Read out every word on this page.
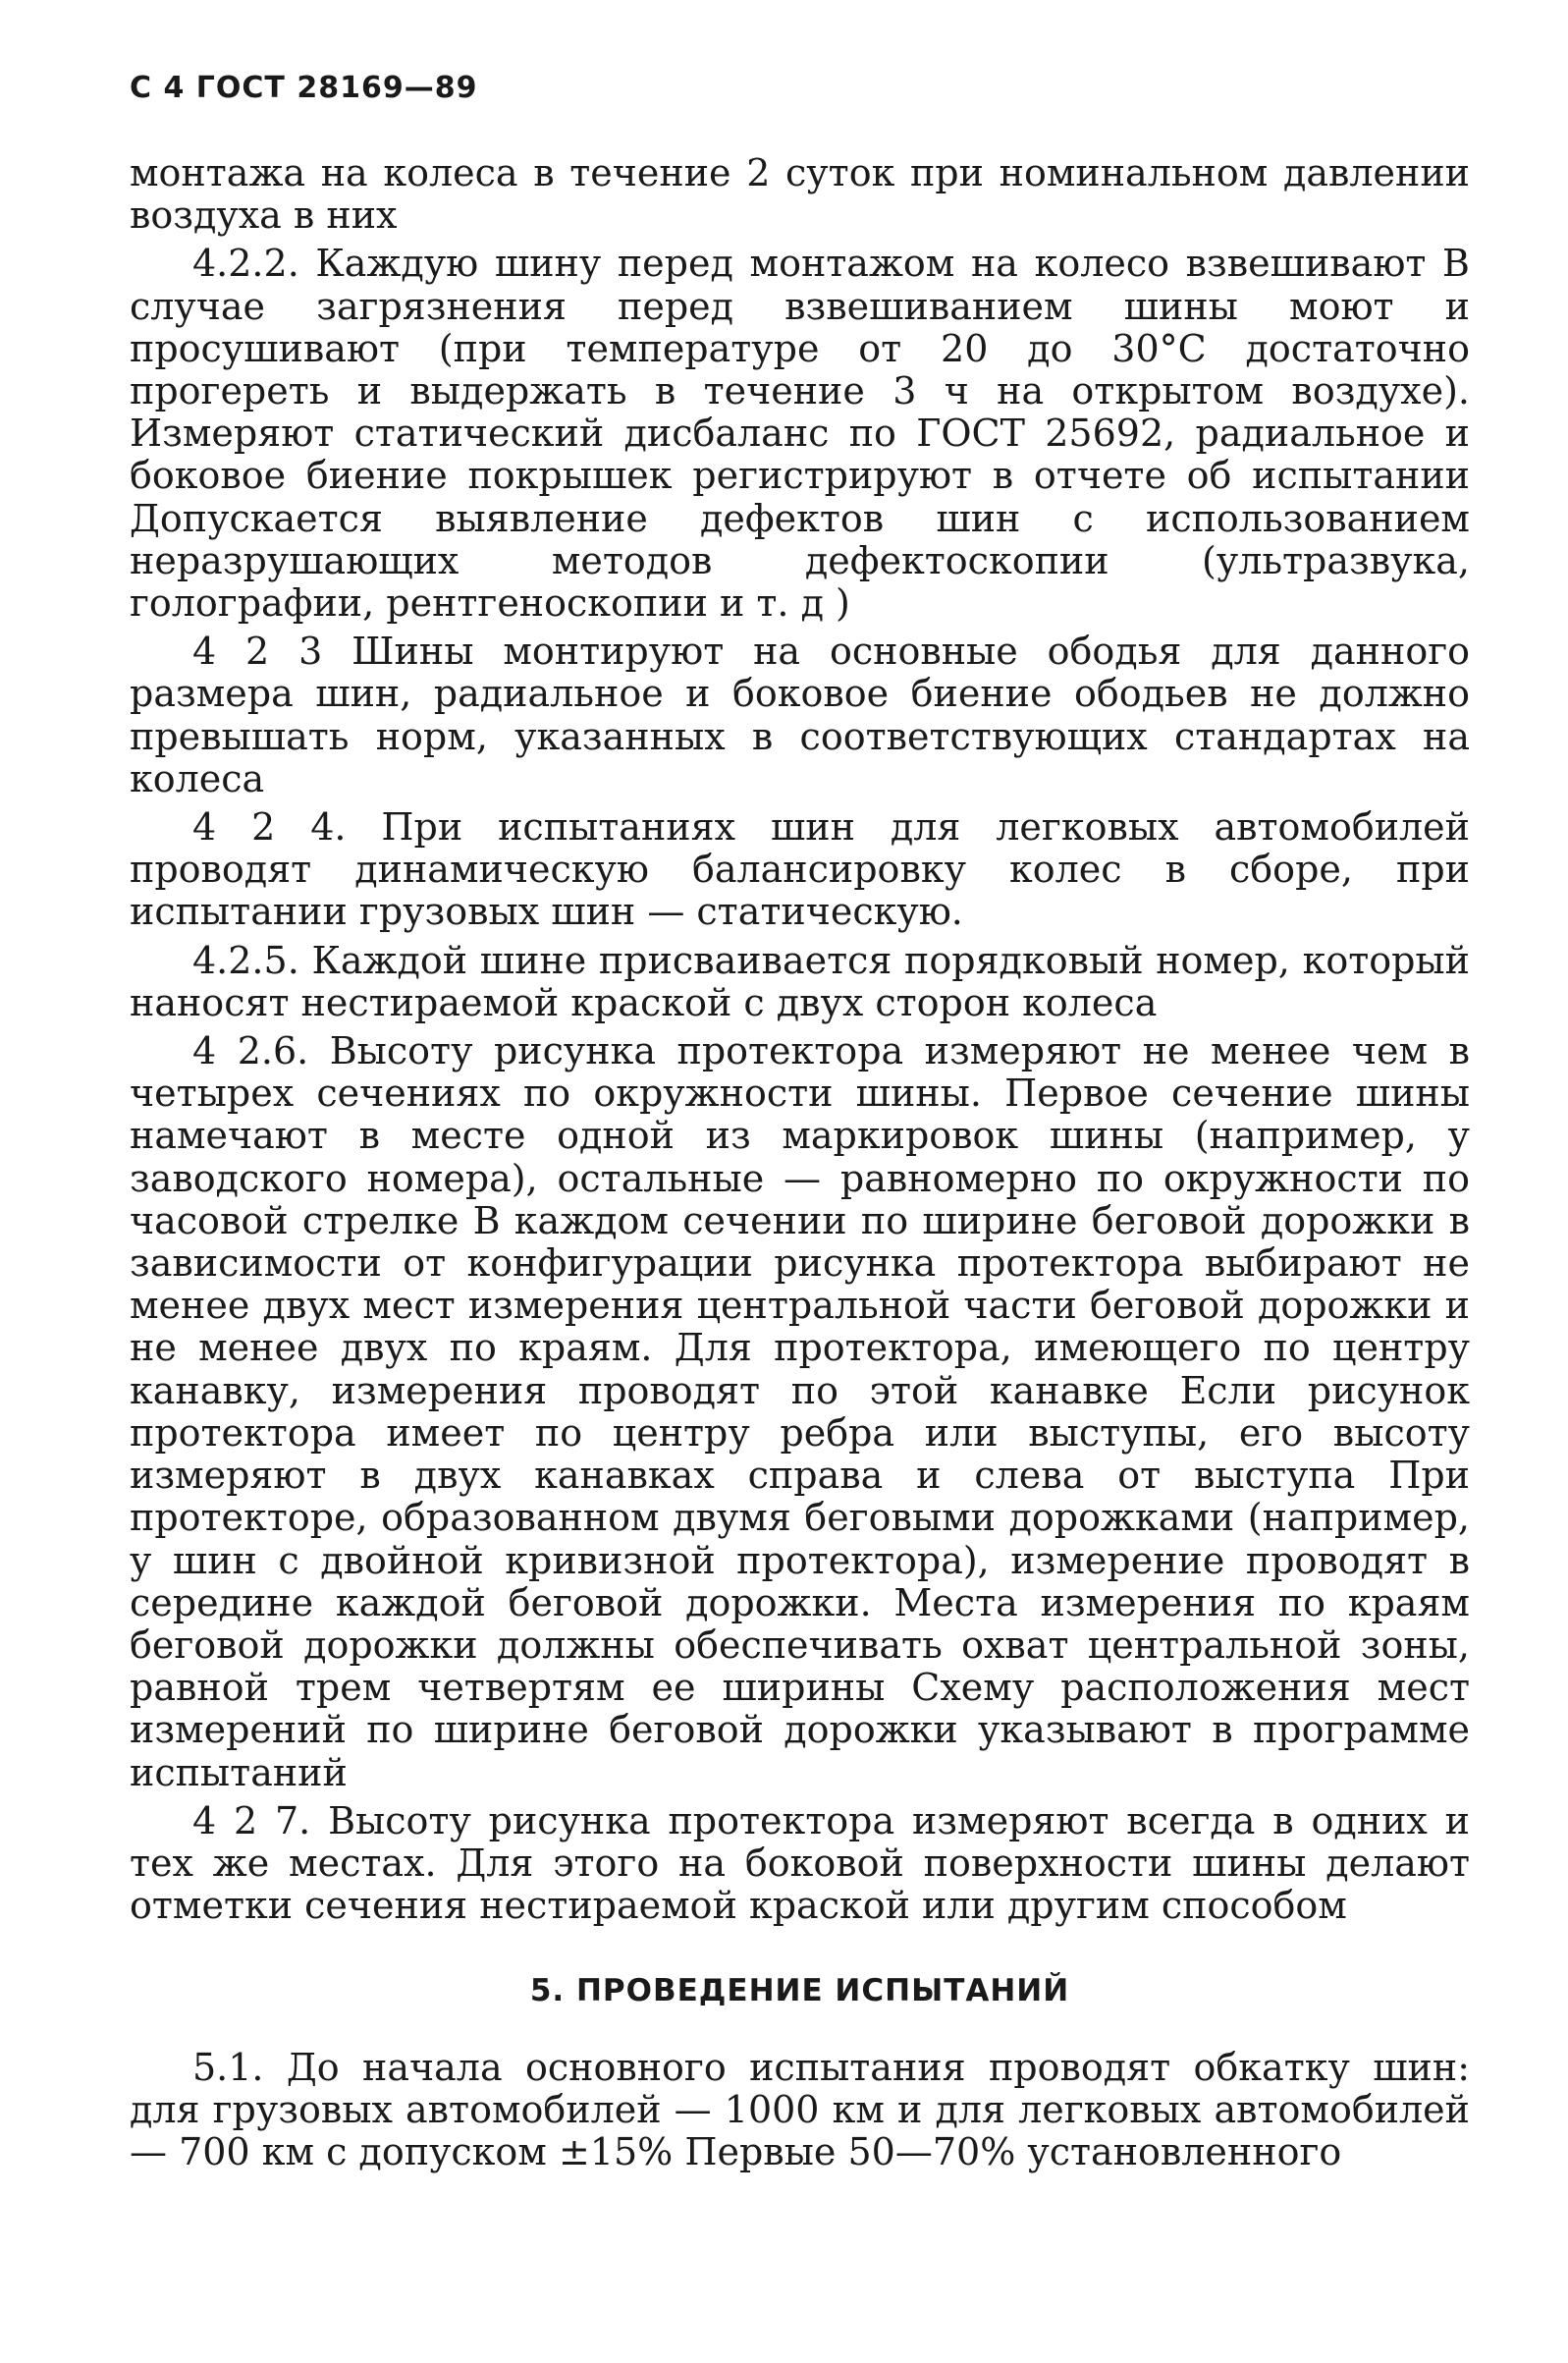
С 4 ГОСТ 28169—89

монтажа на колеса в течение 2 суток при номинальном давлении воздуха в них

4.2.2. Каждую шину перед монтажом на колесо взвешивают В случае загрязнения перед взвешиванием шины моют и просушивают (при температуре от 20 до 30°С достаточно прогереть и выдержать в течение 3 ч на открытом воздухе). Измеряют статический дисбаланс по ГОСТ 25692, радиальное и боковое биение покрышек регистрируют в отчете об испытании Допускается выявление дефектов шин с использованием неразрушающих методов дефектоскопии (ультразвука, голографии, рентгеноскопии и т. д )

4 2 3 Шины монтируют на основные ободья для данного размера шин, радиальное и боковое биение ободьев не должно превышать норм, указанных в соответствующих стандартах на колеса

4 2 4. При испытаниях шин для легковых автомобилей проводят динамическую балансировку колес в сборе, при испытании грузовых шин — статическую.

4.2.5. Каждой шине присваивается порядковый номер, который наносят нестираемой краской с двух сторон колеса

4 2.6. Высоту рисунка протектора измеряют не менее чем в четырех сечениях по окружности шины. Первое сечение шины намечают в месте одной из маркировок шины (например, у заводского номера), остальные — равномерно по окружности по часовой стрелке В каждом сечении по ширине беговой дорожки в зависимости от конфигурации рисунка протектора выбирают не менее двух мест измерения центральной части беговой дорожки и не менее двух по краям. Для протектора, имеющего по центру канавку, измерения проводят по этой канавке Если рисунок протектора имеет по центру ребра или выступы, его высоту измеряют в двух канавках справа и слева от выступа При протекторе, образованном двумя беговыми дорожками (например, у шин с двойной кривизной протектора), измерение проводят в середине каждой беговой дорожки. Места измерения по краям беговой дорожки должны обеспечивать охват центральной зоны, равной трем четвертям ее ширины Схему расположения мест измерений по ширине беговой дорожки указывают в программе испытаний

4 2 7. Высоту рисунка протектора измеряют всегда в одних и тех же местах. Для этого на боковой поверхности шины делают отметки сечения нестираемой краской или другим способом

5. ПРОВЕДЕНИЕ ИСПЫТАНИЙ

5.1. До начала основного испытания проводят обкатку шин: для грузовых автомобилей — 1000 км и для легковых автомобилей — 700 км с допуском ±15% Первые 50—70% установленного
